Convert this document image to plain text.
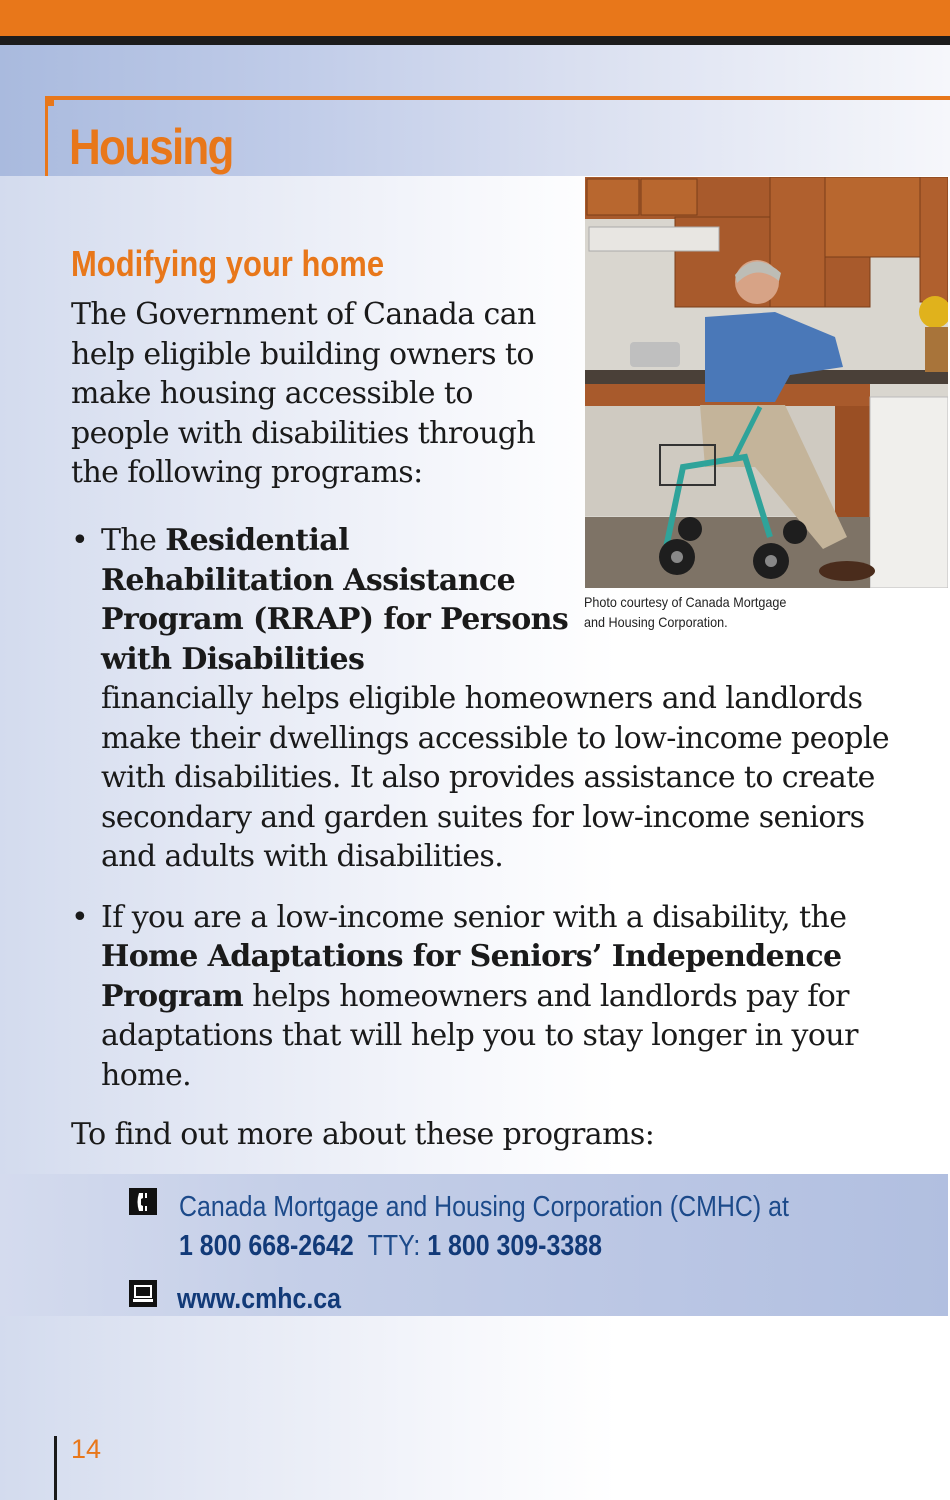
Housing
Photo courtesy of Canada Mortgage
and Housing Corporation.
Modifying your home

The Government of Canada can help eligible building owners to make housing accessible to people with disabilities through the following programs:

• The Residential Rehabilitation Assistance Program (RRAP) for Persons with Disabilities
financially helps eligible homeowners and landlords make their dwellings accessible to low-income people with disabilities. It also provides assistance to create secondary and garden suites for low-income seniors and adults with disabilities.
• If you are a low-income senior with a disability, the Home Adaptations for Seniors’ Independence Program helps homeowners and landlords pay for adaptations that will help you to stay longer in your home.

To find out more about these programs:

Canada Mortgage and Housing Corporation (CMHC) at
1 800 668-2642 TTY: 1 800 309-3388
www.cmhc.ca
14
